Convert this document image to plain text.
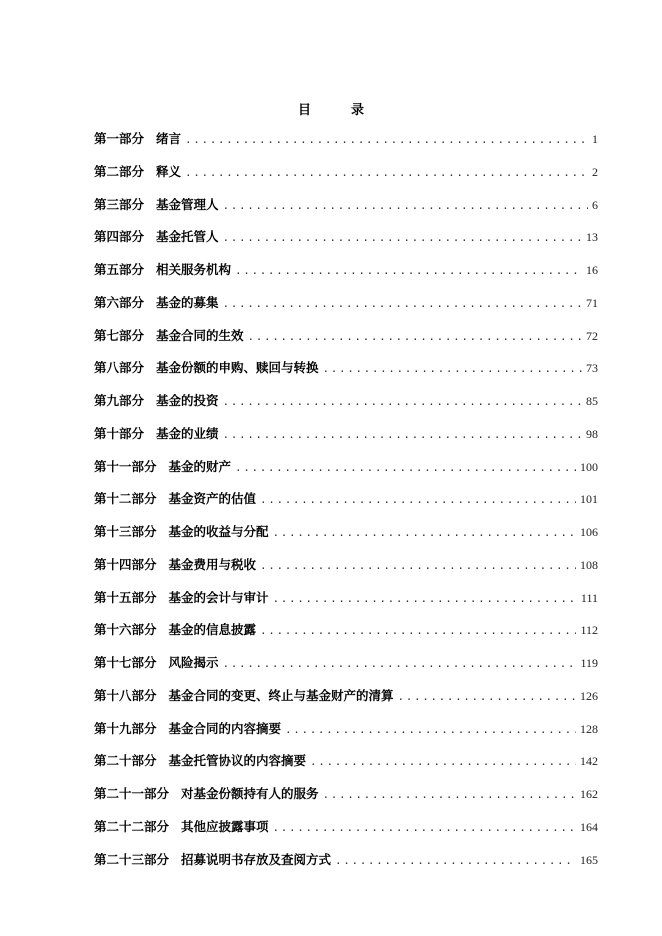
目	录
第一部分 绪言 .....	1
第二部分 释义 .....	2
第三部分 基金管理人 .....	6
第四部分 基金托管人 .....	13
第五部分 相关服务机构 .....	16
第六部分 基金的募集 .....	71
第七部分 基金合同的生效 .....	72
第八部分 基金份额的申购、赎回与转换 .....	73
第九部分 基金的投资 .....	85
第十部分 基金的业绩 .....	98
第十一部分 基金的财产 .....	100
第十二部分 基金资产的估值 .....	101
第十三部分 基金的收益与分配 .....	106
第十四部分 基金费用与税收 .....	108
第十五部分 基金的会计与审计 .....	111
第十六部分 基金的信息披露 .....	112
第十七部分 风险揭示 .....	119
第十八部分 基金合同的变更、终止与基金财产的清算 .....	126
第十九部分 基金合同的内容摘要 .....	128
第二十部分 基金托管协议的内容摘要 .....	142
第二十一部分 对基金份额持有人的服务 .....	162
第二十二部分 其他应披露事项 .....	164
第二十三部分 招募说明书存放及查阅方式 .....	165
